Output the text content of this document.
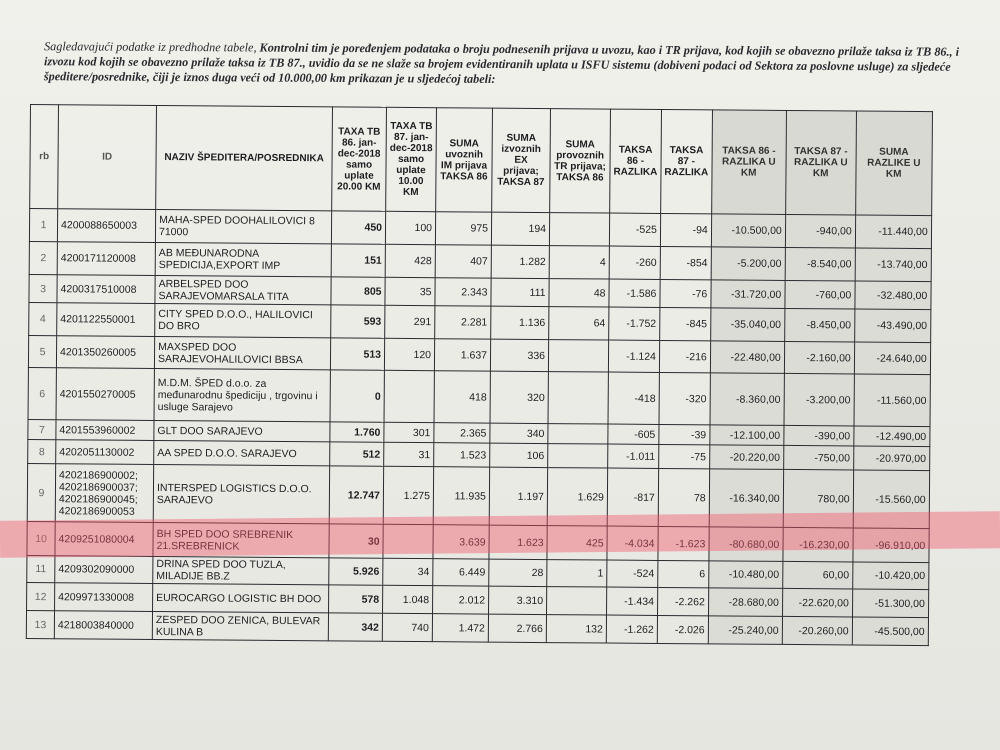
Sagledavajući podatke iz predhodne tabele, Kontrolni tim je poređenjem podataka o broju podnesenih prijava u uvozu, kao i TR prijava, kod kojih se obavezno prilaže taksa iz TB 86., i izvozu kod kojih se obavezno prilaže taksa iz TB 87., uvidio da se ne slaže sa brojem evidentiranih uplata u ISFU sistemu (dobiveni podaci od Sektora za poslovne usluge) za sljedeće špeditere/posrednike, čiji je iznos duga veći od 10.000,00 km prikazan je u sljedećoj tabeli:
rb	ID	NAZIV ŠPEDITERA/POSREDNIKA	TAXA TB 86. jan-dec-2018 samo uplate 20.00 KM	TAXA TB 87. jan-dec-2018 samo uplate 10.00 KM	SUMA uvoznih IM prijava TAKSA 86	SUMA izvoznih EX prijava; TAKSA 87	SUMA provoznih TR prijava; TAKSA 86	TAKSA 86 - RAZLIKA	TAKSA 87 - RAZLIKA	TAKSA 86 - RAZLIKA U KM	TAKSA 87 - RAZLIKA U KM	SUMA RAZLIKE U KM
1	4200088650003	MAHA-SPED DOOHALILOVICI 8 71000	450	100	975	194		-525	-94	-10.500,00	-940,00	-11.440,00
2	4200171120008	AB MEĐUNARODNA SPEDICIJA,EXPORT IMP	151	428	407	1.282	4	-260	-854	-5.200,00	-8.540,00	-13.740,00
3	4200317510008	ARBELSPED DOO SARAJEVOMARSALA TITA	805	35	2.343	111	48	-1.586	-76	-31.720,00	-760,00	-32.480,00
4	4201122550001	CITY SPED D.O.O., HALILOVICI DO BRO	593	291	2.281	1.136	64	-1.752	-845	-35.040,00	-8.450,00	-43.490,00
5	4201350260005	MAXSPED DOO SARAJEVOHALILOVICI BBSA	513	120	1.637	336		-1.124	-216	-22.480,00	-2.160,00	-24.640,00
6	4201550270005	M.D.M. ŠPED d.o.o. za međunarodnu špediciju , trgovinu i usluge Sarajevo	0		418	320		-418	-320	-8.360,00	-3.200,00	-11.560,00
7	4201553960002	GLT DOO SARAJEVO	1.760	301	2.365	340		-605	-39	-12.100,00	-390,00	-12.490,00
8	4202051130002	AA SPED D.O.O. SARAJEVO	512	31	1.523	106		-1.011	-75	-20.220,00	-750,00	-20.970,00
9	4202186900002; 4202186900037; 4202186900045; 4202186900053	INTERSPED LOGISTICS D.O.O. SARAJEVO	12.747	1.275	11.935	1.197	1.629	-817	78	-16.340,00	780,00	-15.560,00
10	4209251080004	BH SPED DOO SREBRENIK 21.SREBRENICK	30		3.639	1.623	425	-4.034	-1.623	-80.680,00	-16.230,00	-96.910,00
11	4209302090000	DRINA SPED DOO TUZLA, MILADIJE BB.Z	5.926	34	6.449	28	1	-524	6	-10.480,00	60,00	-10.420,00
12	4209971330008	EUROCARGO LOGISTIC BH DOO	578	1.048	2.012	3.310		-1.434	-2.262	-28.680,00	-22.620,00	-51.300,00
13	4218003840000	ZESPED DOO ZENICA, BULEVAR KULINA B	342	740	1.472	2.766	132	-1.262	-2.026	-25.240,00	-20.260,00	-45.500,00
